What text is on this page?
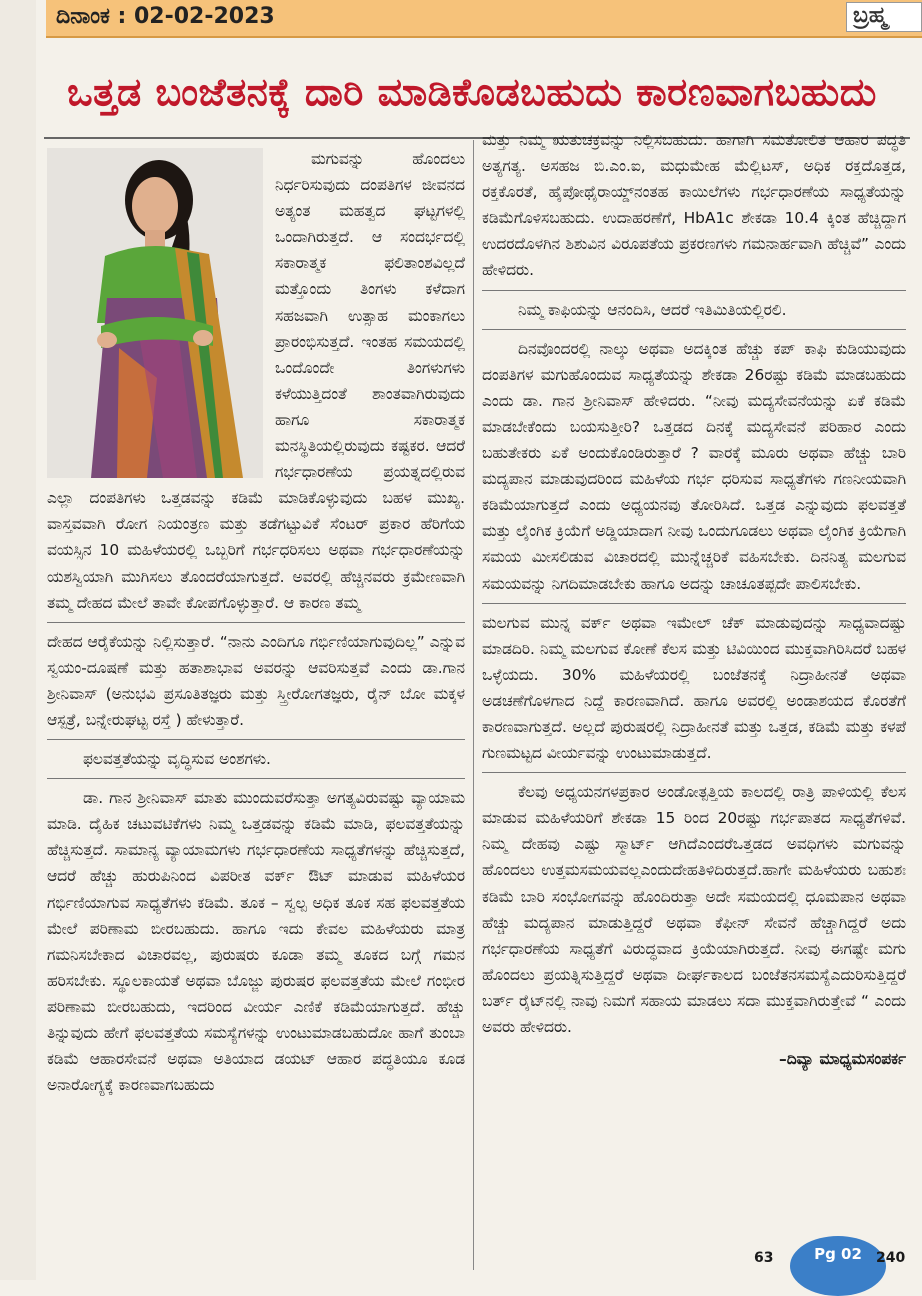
ದಿನಾಂಕ : 02-02-2023	ಬ್ರಹ್ಮ
ಒತ್ತಡ ಬಂಜೆತನಕ್ಕೆ ದಾರಿ ಮಾಡಿಕೊಡಬಹುದು ಕಾರಣವಾಗಬಹುದು

ಮಗುವನ್ನು ಹೊಂದಲು ನಿರ್ಧರಿಸುವುದು ದಂಪತಿಗಳ ಜೀವನದ ಅತ್ಯಂತ ಮಹತ್ವದ ಘಟ್ಟಗಳಲ್ಲಿ ಒಂದಾಗಿರುತ್ತದೆ. ಆ ಸಂದರ್ಭದಲ್ಲಿ ಸಕಾರಾತ್ಮಕ ಫಲಿತಾಂಶವಿಲ್ಲದೆ ಮತ್ತೊಂದು ತಿಂಗಳು ಕಳೆದಾಗ ಸಹಜವಾಗಿ ಉತ್ಸಾಹ ಮಂಕಾಗಲು ಪ್ರಾರಂಭಿಸುತ್ತದೆ. ಇಂತಹ ಸಮಯದಲ್ಲಿ ಒಂದೊಂದೇ ತಿಂಗಳುಗಳು ಕಳೆಯುತ್ತಿದಂತೆ ಶಾಂತವಾಗಿರುವುದು ಹಾಗೂ ಸಕಾರಾತ್ಮಕ ಮನಸ್ಥಿತಿಯಲ್ಲಿರುವುದು ಕಷ್ಟಕರ. ಆದರೆ ಗರ್ಭಧಾರಣೆಯ ಪ್ರಯತ್ನದಲ್ಲಿರುವ ಎಲ್ಲಾ ದಂಪತಿಗಳು ಒತ್ತಡವನ್ನು ಕಡಿಮೆ ಮಾಡಿಕೊಳ್ಳುವುದು ಬಹಳ ಮುಖ್ಯ. ವಾಸ್ತವವಾಗಿ ರೋಗ ನಿಯಂತ್ರಣ ಮತ್ತು ತಡೆಗಟ್ಟುವಿಕೆ ಸೆಂಟರ್ ಪ್ರಕಾರ ಹೆರಿಗೆಯ ವಯಸ್ಸಿನ 10 ಮಹಿಳೆಯರಲ್ಲಿ ಒಬ್ಬರಿಗೆ ಗರ್ಭಧರಿಸಲು ಅಥವಾ ಗರ್ಭಧಾರಣೆಯನ್ನು ಯಶಸ್ವಿಯಾಗಿ ಮುಗಿಸಲು ತೊಂದರೆಯಾಗುತ್ತದೆ. ಅವರಲ್ಲಿ ಹೆಚ್ಚಿನವರು ಕ್ರಮೇಣವಾಗಿ ತಮ್ಮ ದೇಹದ ಮೇಲೆ ತಾವೇ ಕೋಪಗೊಳ್ಳುತ್ತಾರೆ. ಆ ಕಾರಣ ತಮ್ಮ

ದೇಹದ ಆರೈಕೆಯನ್ನು ನಿಲ್ಲಿಸುತ್ತಾರೆ. “ನಾನು ಎಂದಿಗೂ ಗರ್ಭಿಣಿಯಾಗುವುದಿಲ್ಲ” ಎನ್ನುವ ಸ್ವಯಂ-ದೂಷಣೆ ಮತ್ತು ಹತಾಶಾಭಾವ ಅವರನ್ನು ಆವರಿಸುತ್ತವೆ ಎಂದು ಡಾ.ಗಾನ ಶ್ರೀನಿವಾಸ್ (ಅನುಭವಿ ಪ್ರಸೂತಿತಜ್ಞರು ಮತ್ತು ಸ್ತ್ರೀರೋಗತಜ್ಞರು, ರೈನ್ ಬೋ ಮಕ್ಕಳ ಆಸ್ಪತ್ರೆ, ಬನ್ನೇರುಘಟ್ಟ ರಸ್ತೆ ) ಹೇಳುತ್ತಾರೆ.

ಫಲವತ್ತತೆಯನ್ನು ವೃದ್ಧಿಸುವ ಅಂಶಗಳು.

ಡಾ. ಗಾನ ಶ್ರೀನಿವಾಸ್ ಮಾತು ಮುಂದುವರೆಸುತ್ತಾ ಅಗತ್ಯವಿರುವಷ್ಟು ವ್ಯಾಯಾಮ ಮಾಡಿ. ದೈಹಿಕ ಚಟುವಟಿಕೆಗಳು ನಿಮ್ಮ ಒತ್ತಡವನ್ನು ಕಡಿಮೆ ಮಾಡಿ, ಫಲವತ್ತತೆಯನ್ನು ಹೆಚ್ಚಿಸುತ್ತದೆ. ಸಾಮಾನ್ಯ ವ್ಯಾಯಾಮಗಳು ಗರ್ಭಧಾರಣೆಯ ಸಾಧ್ಯತೆಗಳನ್ನು ಹೆಚ್ಚಿಸುತ್ತದೆ, ಆದರೆ ಹೆಚ್ಚು ಹುರುಪಿನಿಂದ ವಿಪರೀತ ವರ್ಕ್ ಔಟ್ ಮಾಡುವ ಮಹಿಳೆಯರ ಗರ್ಭಿಣಿಯಾಗುವ ಸಾಧ್ಯತೆಗಳು ಕಡಿಮೆ. ತೂಕ – ಸ್ವಲ್ಪ ಅಧಿಕ ತೂಕ ಸಹ ಫಲವತ್ತತೆಯ ಮೇಲೆ ಪರಿಣಾಮ ಬೀರಬಹುದು. ಹಾಗೂ ಇದು ಕೇವಲ ಮಹಿಳೆಯರು ಮಾತ್ರ ಗಮನಿಸಬೇಕಾದ ವಿಚಾರವಲ್ಲ, ಪುರುಷರು ಕೂಡಾ ತಮ್ಮ ತೂಕದ ಬಗ್ಗೆ ಗಮನ ಹರಿಸಬೇಕು. ಸ್ಥೂಲಕಾಯತೆ ಅಥವಾ ಬೊಜ್ಜು ಪುರುಷರ ಫಲವತ್ತತೆಯ ಮೇಲೆ ಗಂಭೀರ ಪರಿಣಾಮ ಬೀರಬಹುದು, ಇದರಿಂದ ವೀರ್ಯ ಎಣಿಕೆ ಕಡಿಮೆಯಾಗುತ್ತದೆ. ಹೆಚ್ಚು ತಿನ್ನುವುದು ಹೇಗೆ ಫಲವತ್ತತೆಯ ಸಮಸ್ಯೆಗಳನ್ನು ಉಂಟುಮಾಡಬಹುದೋ ಹಾಗೆ ತುಂಬಾ ಕಡಿಮೆ ಆಹಾರಸೇವನೆ ಅಥವಾ ಅತಿಯಾದ ಡಯಟ್ ಆಹಾರ ಪದ್ಧತಿಯೂ ಕೂಡ ಅನಾರೋಗ್ಯಕ್ಕೆ ಕಾರಣವಾಗಬಹುದು

ಮತ್ತು ನಿಮ್ಮ ಋತುಚಕ್ರವನ್ನು ನಿಲ್ಲಿಸಬಹುದು. ಹಾಗಾಗಿ ಸಮತೋಲಿತ ಆಹಾರ ಪದ್ಧತಿ ಅತ್ಯಗತ್ಯ. ಅಸಹಜ ಬಿ.ಎಂ.ಐ, ಮಧುಮೇಹ ಮೆಲ್ಲಿಟಸ್, ಅಧಿಕ ರಕ್ತದೊತ್ತಡ, ರಕ್ತಕೊರತೆ, ಹೈಪೋಥೈರಾಯ್ಡ್‌ನಂತಹ ಕಾಯಿಲೆಗಳು ಗರ್ಭಧಾರಣೆಯ ಸಾಧ್ಯತೆಯನ್ನು ಕಡಿಮೆಗೊಳಿಸಬಹುದು. ಉದಾಹರಣೆಗೆ, HbA1c ಶೇಕಡಾ 10.4 ಕ್ಕಿಂತ ಹೆಚ್ಚಿದ್ದಾಗ ಉದರದೊಳಗಿನ ಶಿಶುವಿನ ವಿರೂಪತೆಯ ಪ್ರಕರಣಗಳು ಗಮನಾರ್ಹವಾಗಿ ಹೆಚ್ಚಿವೆ” ಎಂದು ಹೇಳಿದರು.

ನಿಮ್ಮ ಕಾಫಿಯನ್ನು ಆನಂದಿಸಿ, ಆದರೆ ಇತಿಮಿತಿಯಲ್ಲಿರಲಿ.

ದಿನವೊಂದರಲ್ಲಿ ನಾಲ್ಕು ಅಥವಾ ಅದಕ್ಕಿಂತ ಹೆಚ್ಚು ಕಪ್ ಕಾಫಿ ಕುಡಿಯುವುದು ದಂಪತಿಗಳ ಮಗುಹೊಂದುವ ಸಾಧ್ಯತೆಯನ್ನು ಶೇಕಡಾ 26ರಷ್ಟು ಕಡಿಮೆ ಮಾಡಬಹುದು ಎಂದು ಡಾ. ಗಾನ ಶ್ರೀನಿವಾಸ್ ಹೇಳಿದರು. “ನೀವು ಮದ್ಯಸೇವನೆಯನ್ನು ಏಕೆ ಕಡಿಮೆ ಮಾಡಬೇಕೆಂದು ಬಯಸುತ್ತೀರಿ? ಒತ್ತಡದ ದಿನಕ್ಕೆ ಮದ್ಯಸೇವನೆ ಪರಿಹಾರ ಎಂದು ಬಹುತೇಕರು ಏಕೆ ಅಂದುಕೊಂಡಿರುತ್ತಾರೆ ? ವಾರಕ್ಕೆ ಮೂರು ಅಥವಾ ಹೆಚ್ಚು ಬಾರಿ ಮದ್ಯಪಾನ ಮಾಡುವುದರಿಂದ ಮಹಿಳೆಯ ಗರ್ಭ ಧರಿಸುವ ಸಾಧ್ಯತೆಗಳು ಗಣನೀಯವಾಗಿ ಕಡಿಮೆಯಾಗುತ್ತದೆ ಎಂದು ಅಧ್ಯಯನವು ತೋರಿಸಿದೆ. ಒತ್ತಡ ಎನ್ನುವುದು ಫಲವತ್ತತೆ ಮತ್ತು ಲೈಂಗಿಕ ಕ್ರಿಯೆಗೆ ಅಡ್ಡಿಯಾದಾಗ ನೀವು ಒಂದುಗೂಡಲು ಅಥವಾ ಲೈಂಗಿಕ ಕ್ರಿಯೆಗಾಗಿ ಸಮಯ ಮೀಸಲಿಡುವ ವಿಚಾರದಲ್ಲಿ ಮುನ್ನೆಚ್ಚರಿಕೆ ವಹಿಸಬೇಕು. ದಿನನಿತ್ಯ ಮಲಗುವ ಸಮಯವನ್ನು ನಿಗದಿಮಾಡಬೇಕು ಹಾಗೂ ಅದನ್ನು ಚಾಚೂತಪ್ಪದೇ ಪಾಲಿಸಬೇಕು.

ಮಲಗುವ ಮುನ್ನ ವರ್ಕ್ ಅಥವಾ ಇಮೇಲ್ ಚೆಕ್ ಮಾಡುವುದನ್ನು ಸಾಧ್ಯವಾದಷ್ಟು ಮಾಡದಿರಿ. ನಿಮ್ಮ ಮಲಗುವ ಕೋಣೆ ಕೆಲಸ ಮತ್ತು ಟಿವಿಯಿಂದ ಮುಕ್ತವಾಗಿರಿಸಿದರೆ ಬಹಳ ಒಳ್ಳೆಯದು. 30% ಮಹಿಳೆಯರಲ್ಲಿ ಬಂಜೆತನಕ್ಕೆ ನಿದ್ರಾಹೀನತೆ ಅಥವಾ ಅಡಚಣೆಗೊಳಗಾದ ನಿದ್ದೆ ಕಾರಣವಾಗಿದೆ. ಹಾಗೂ ಅವರಲ್ಲಿ ಅಂಡಾಶಯದ ಕೊರತೆಗೆ ಕಾರಣವಾಗುತ್ತದೆ. ಅಲ್ಲದೆ ಪುರುಷರಲ್ಲಿ ನಿದ್ರಾಹೀನತೆ ಮತ್ತು ಒತ್ತಡ, ಕಡಿಮೆ ಮತ್ತು ಕಳಪೆ ಗುಣಮಟ್ಟದ ವೀರ್ಯವನ್ನು ಉಂಟುಮಾಡುತ್ತದೆ.

ಕೆಲವು ಅಧ್ಯಯನಗಳಪ್ರಕಾರ ಅಂಡೋತ್ಪತ್ತಿಯ ಕಾಲದಲ್ಲಿ ರಾತ್ರಿ ಪಾಳಿಯಲ್ಲಿ ಕೆಲಸ ಮಾಡುವ ಮಹಿಳೆಯರಿಗೆ ಶೇಕಡಾ 15 ರಿಂದ 20ರಷ್ಟು ಗರ್ಭಪಾತದ ಸಾಧ್ಯತೆಗಳಿವೆ. ನಿಮ್ಮ ದೇಹವು ಎಷ್ಟು ಸ್ಮಾರ್ಟ್ ಆಗಿದೆಎಂದರೆಒತ್ತಡದ ಅವಧಿಗಳು ಮಗುವನ್ನು ಹೊಂದಲು ಉತ್ತಮಸಮಯವಲ್ಲಎಂದುದೇಹತಿಳಿದಿರುತ್ತದೆ.ಹಾಗೇ ಮಹಿಳೆಯರು ಬಹುಶಃ ಕಡಿಮೆ ಬಾರಿ ಸಂಭೋಗವನ್ನು ಹೊಂದಿರುತ್ತಾ ಅದೇ ಸಮಯದಲ್ಲಿ ಧೂಮಪಾನ ಅಥವಾ ಹೆಚ್ಚು ಮದ್ಯಪಾನ ಮಾಡುತ್ತಿದ್ದರೆ ಅಥವಾ ಕೆಫೀನ್ ಸೇವನೆ ಹೆಚ್ಚಾಗಿದ್ದರೆ ಅದು ಗರ್ಭಧಾರಣೆಯ ಸಾಧ್ಯತೆಗೆ ವಿರುದ್ಧವಾದ ಕ್ರಿಯೆಯಾಗಿರುತ್ತದೆ. ನೀವು ಈಗಷ್ಟೇ ಮಗು ಹೊಂದಲು ಪ್ರಯತ್ನಿಸುತ್ತಿದ್ದರೆ ಅಥವಾ ದೀರ್ಘಕಾಲದ ಬಂಜೆತನಸಮಸ್ಯೆಎದುರಿಸುತ್ತಿದ್ದರೆ ಬರ್ತ್ ರೈಟ್‌ನಲ್ಲಿ ನಾವು ನಿಮಗೆ ಸಹಾಯ ಮಾಡಲು ಸದಾ ಮುಕ್ತವಾಗಿರುತ್ತೇವೆ “ ಎಂದು ಅವರು ಹೇಳಿದರು.

–ದಿವ್ಯಾ ಮಾಧ್ಯಮಸಂಪರ್ಕ
Pg 02	240
63
